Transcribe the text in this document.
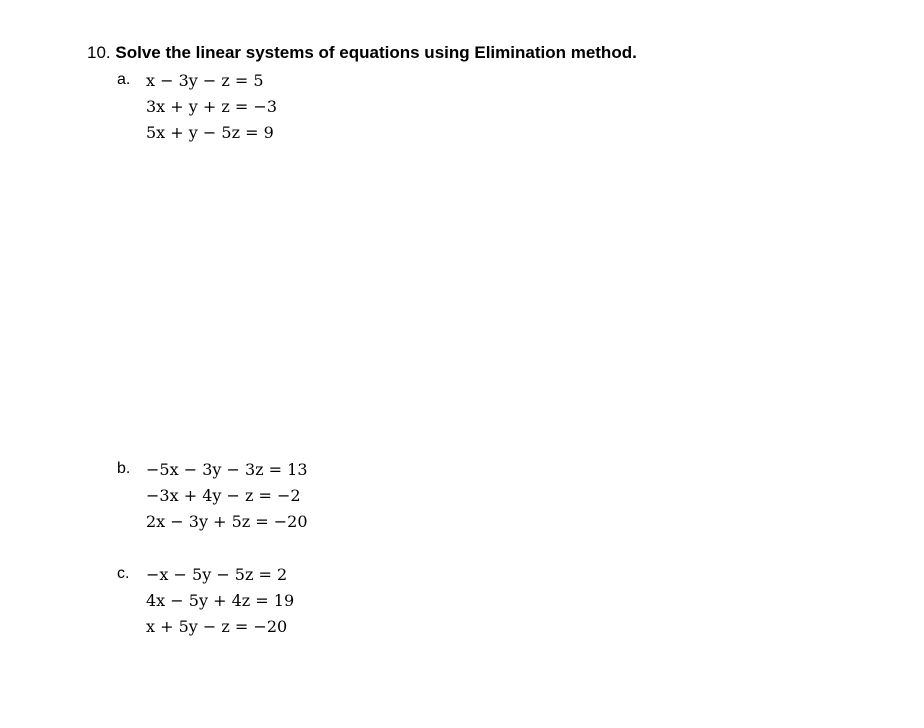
10. Solve the linear systems of equations using Elimination method.
a. x − 3y − z = 5
3x + y + z = −3
5x + y − 5z = 9
b. −5x − 3y − 3z = 13
−3x + 4y − z = −2
2x − 3y + 5z = −20
c. −x − 5y − 5z = 2
4x − 5y + 4z = 19
x + 5y − z = −20
